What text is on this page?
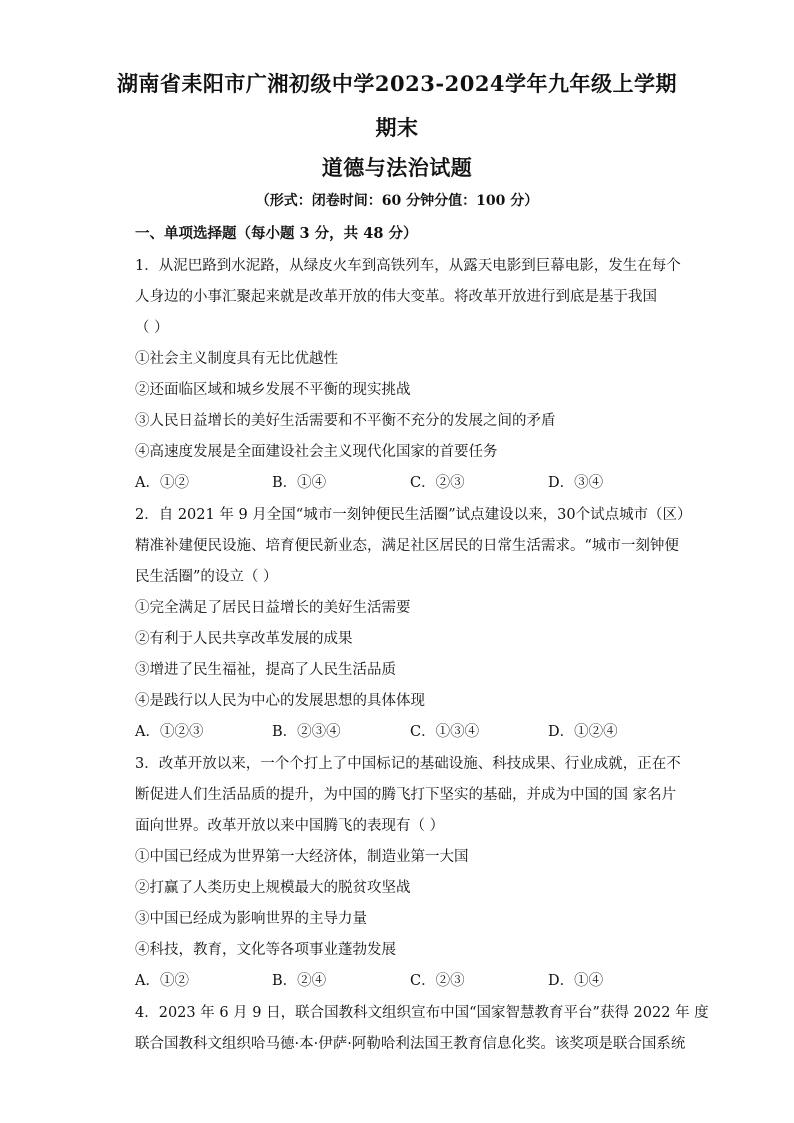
湖南省耒阳市广湘初级中学2023-2024学年九年级上学期
期末
道德与法治试题
（形式：闭卷时间：60 分钟分值：100 分）
一、单项选择题（每小题 3 分，共 48 分）
1．从泥巴路到水泥路，从绿皮火车到高铁列车，从露天电影到巨幕电影，发生在每个
人身边的小事汇聚起来就是改革开放的伟大变革。将改革开放进行到底是基于我国
（ ）
①社会主义制度具有无比优越性
②还面临区域和城乡发展不平衡的现实挑战
③人民日益增长的美好生活需要和不平衡不充分的发展之间的矛盾
④高速度发展是全面建设社会主义现代化国家的首要任务
A．①②	B．①④	C．②③	D．③④
2．自 2021 年 9 月全国“城市一刻钟便民生活圈”试点建设以来，30个试点城市（区）
精准补建便民设施、培育便民新业态，满足社区居民的日常生活需求。“城市一刻钟便
民生活圈”的设立（ ）
①完全满足了居民日益增长的美好生活需要
②有利于人民共享改革发展的成果
③增进了民生福祉，提高了人民生活品质
④是践行以人民为中心的发展思想的具体体现
A．①②③	B．②③④	C．①③④	D．①②④
3．改革开放以来，一个个打上了中国标记的基础设施、科技成果、行业成就，正在不
断促进人们生活品质的提升，为中国的腾飞打下坚实的基础，并成为中国的国 家名片
面向世界。改革开放以来中国腾飞的表现有（ ）
①中国已经成为世界第一大经济体，制造业第一大国
②打赢了人类历史上规模最大的脱贫攻坚战
③中国已经成为影响世界的主导力量
④科技，教育，文化等各项事业蓬勃发展
A．①②	B．②④	C．②③	D．①④
4．2023 年 6 月 9 日，联合国教科文组织宣布中国“国家智慧教育平台”获得 2022 年 度
联合国教科文组织哈马德·本·伊萨·阿勒哈利法国王教育信息化奖。该奖项是联合国系统
